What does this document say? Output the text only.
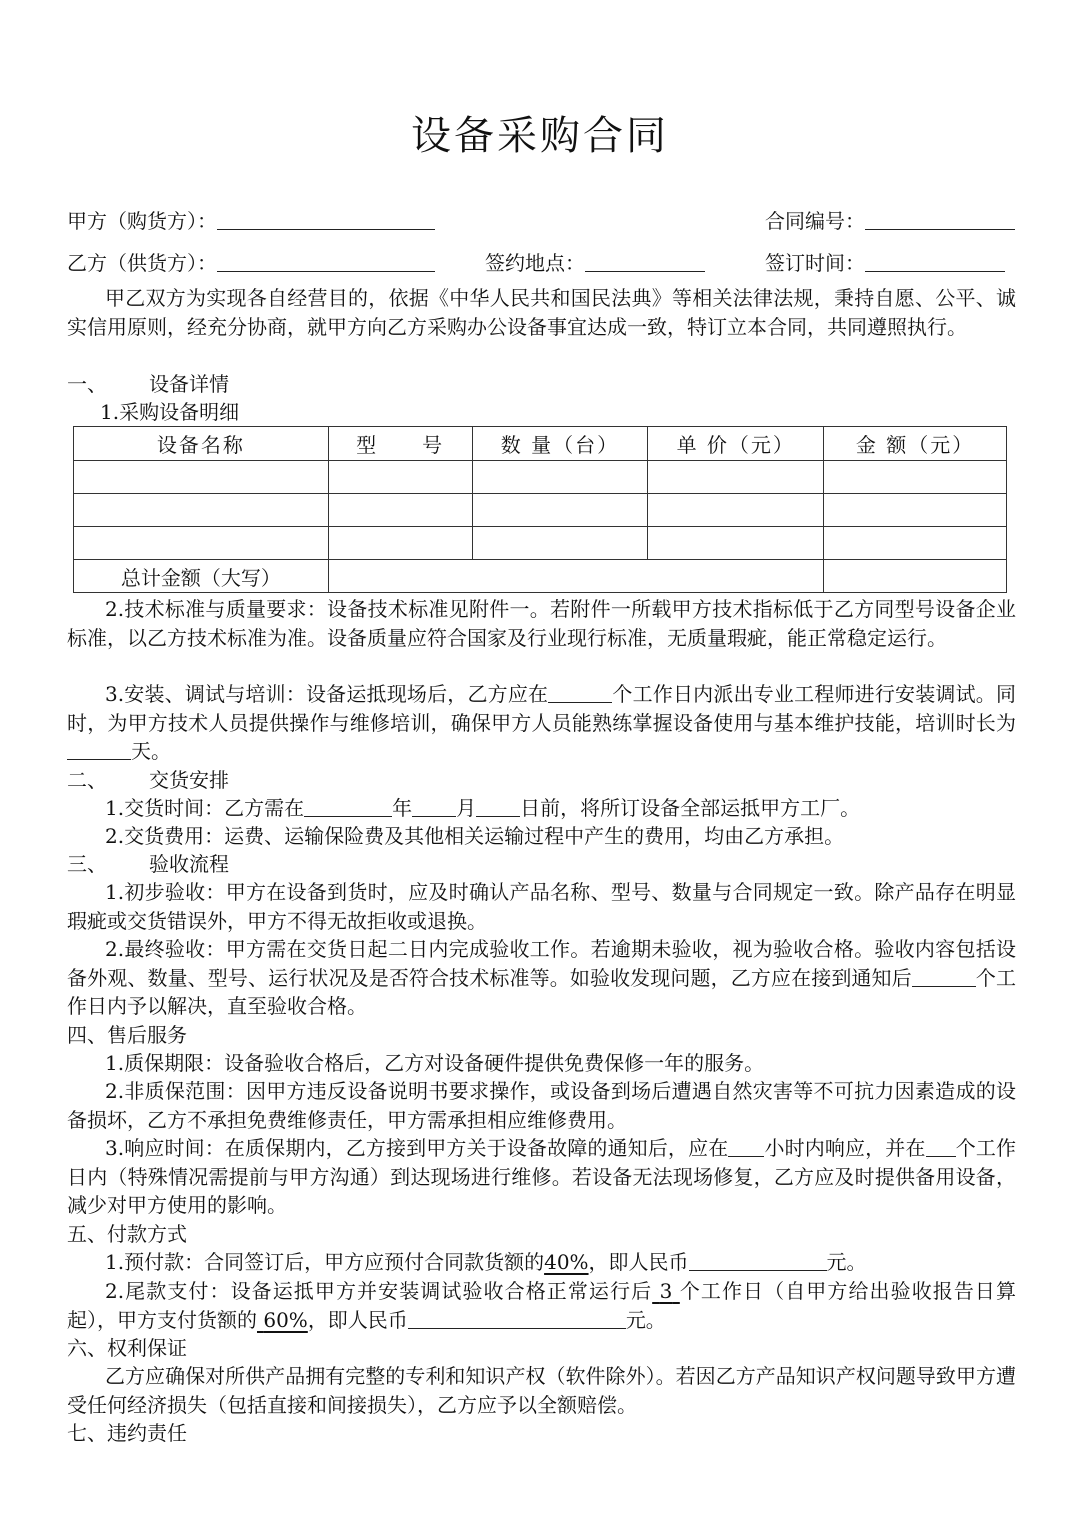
设备采购合同
甲方（购货方）：	合同编号：
乙方（供货方）：	签约地点：	签订时间：
甲乙双方为实现各自经营目的，依据《中华人民共和国民法典》等相关法律法规，秉持自愿、公平、诚实信用原则，经充分协商，就甲方向乙方采购办公设备事宜达成一致，特订立本合同，共同遵照执行。
一、 设备详情
1.采购设备明细
设备名称	型　　号	数 量（台）	单 价（元）	金 额（元）

总计金额（大写）				
2.技术标准与质量要求：设备技术标准见附件一。若附件一所载甲方技术指标低于乙方同型号设备企业标准，以乙方技术标准为准。设备质量应符合国家及行业现行标准，无质量瑕疵，能正常稳定运行。
3.安装、调试与培训：设备运抵现场后，乙方应在	个工作日内派出专业工程师进行安装调试。同时，为甲方技术人员提供操作与维修培训，确保甲方人员能熟练掌握设备使用与基本维护技能，培训时长为天。
二、 交货安排
1.交货时间：乙方需在	年 月 日前，将所订设备全部运抵甲方工厂。
2.交货费用：运费、运输保险费及其他相关运输过程中产生的费用，均由乙方承担。
三、 验收流程
1.初步验收：甲方在设备到货时，应及时确认产品名称、型号、数量与合同规定一致。除产品存在明显瑕疵或交货错误外，甲方不得无故拒收或退换。
2.最终验收：甲方需在交货日起二日内完成验收工作。若逾期未验收，视为验收合格。验收内容包括设备外观、数量、型号、运行状况及是否符合技术标准等。如验收发现问题，乙方应在接到通知后	个工作日内予以解决，直至验收合格。
四、售后服务
1.质保期限：设备验收合格后，乙方对设备硬件提供免费保修一年的服务。
2.非质保范围：因甲方违反设备说明书要求操作，或设备到场后遭遇自然灾害等不可抗力因素造成的设备损坏，乙方不承担免费维修责任，甲方需承担相应维修费用。
3.响应时间：在质保期内，乙方接到甲方关于设备故障的通知后，应在 小时内响应，并在 个工作日内（特殊情况需提前与甲方沟通）到达现场进行维修。若设备无法现场修复，乙方应及时提供备用设备，减少对甲方使用的影响。
五、付款方式
1.预付款：合同签订后，甲方应预付合同款货额的40%，即人民币	元。
2.尾款支付：设备运抵甲方并安装调试验收合格正常运行后 3 个工作日（自甲方给出验收报告日算起），甲方支付货额的 60%，即人民币	元。
六、权利保证
乙方应确保对所供产品拥有完整的专利和知识产权（软件除外）。若因乙方产品知识产权问题导致甲方遭受任何经济损失（包括直接和间接损失），乙方应予以全额赔偿。
七、违约责任
